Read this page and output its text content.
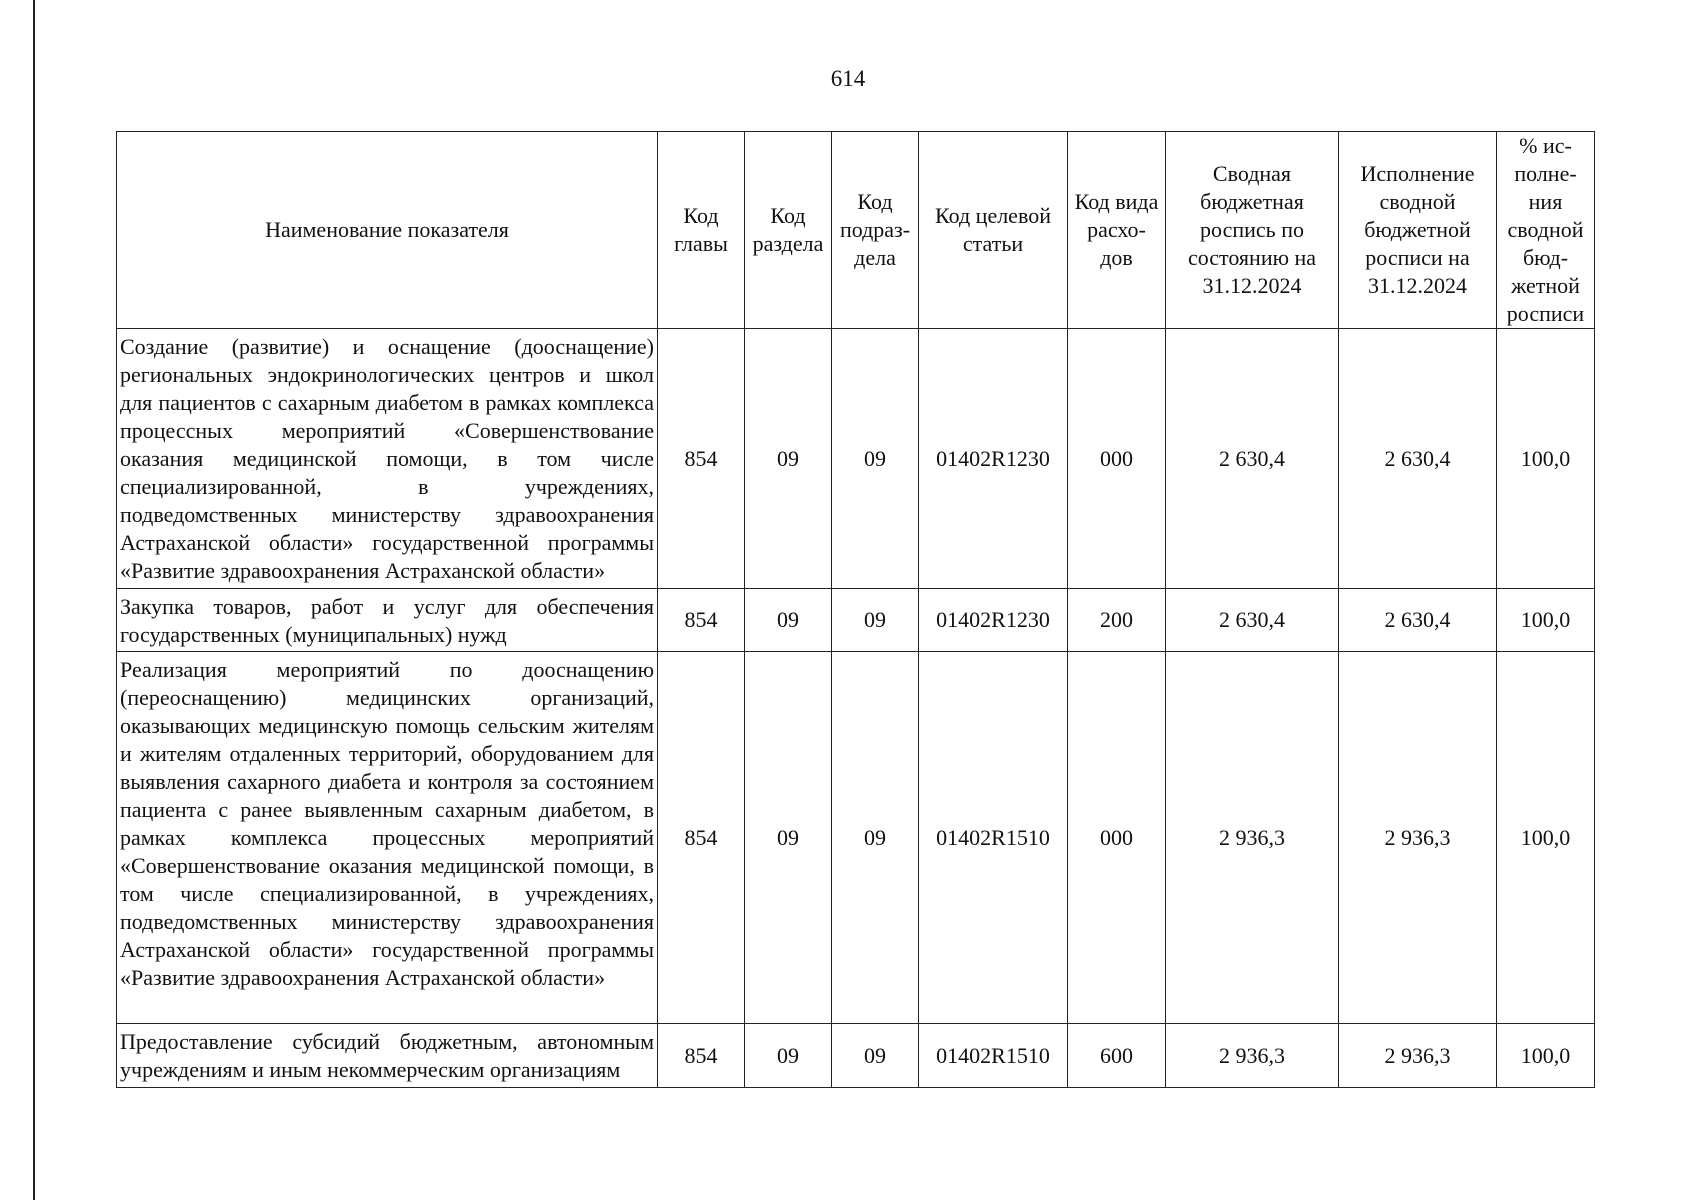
614
Наименование показателя	Код главы	Код раздела	Код подраз-дела	Код целевой статьи	Код вида расхо-дов	Сводная бюджетная роспись по состоянию на 31.12.2024	Исполнение сводной бюджетной росписи на 31.12.2024	% ис-полне-ния сводной бюд-жетной росписи
Создание (развитие) и оснащение (дооснащение) региональных эндокринологических центров и школ для пациентов с сахарным диабетом в рамках комплекса процессных мероприятий «Совершенствование оказания медицинской помощи, в том числе специализированной, в учреждениях, подведомственных министерству здравоохранения Астраханской области» государственной программы «Развитие здравоохранения Астраханской области»	854	09	09	01402R1230	000	2 630,4	2 630,4	100,0
Закупка товаров, работ и услуг для обеспечения государственных (муниципальных) нужд	854	09	09	01402R1230	200	2 630,4	2 630,4	100,0
Реализация мероприятий по дооснащению (переоснащению) медицинских организаций, оказывающих медицинскую помощь сельским жителям и жителям отдаленных территорий, оборудованием для выявления сахарного диабета и контроля за состоянием пациента с ранее выявленным сахарным диабетом, в рамках комплекса процессных мероприятий «Совершенствование оказания медицинской помощи, в том числе специализированной, в учреждениях, подведомственных министерству здравоохранения Астраханской области» государственной программы «Развитие здравоохранения Астраханской области»	854	09	09	01402R1510	000	2 936,3	2 936,3	100,0
Предоставление субсидий бюджетным, автономным учреждениям и иным некоммерческим организациям	854	09	09	01402R1510	600	2 936,3	2 936,3	100,0
